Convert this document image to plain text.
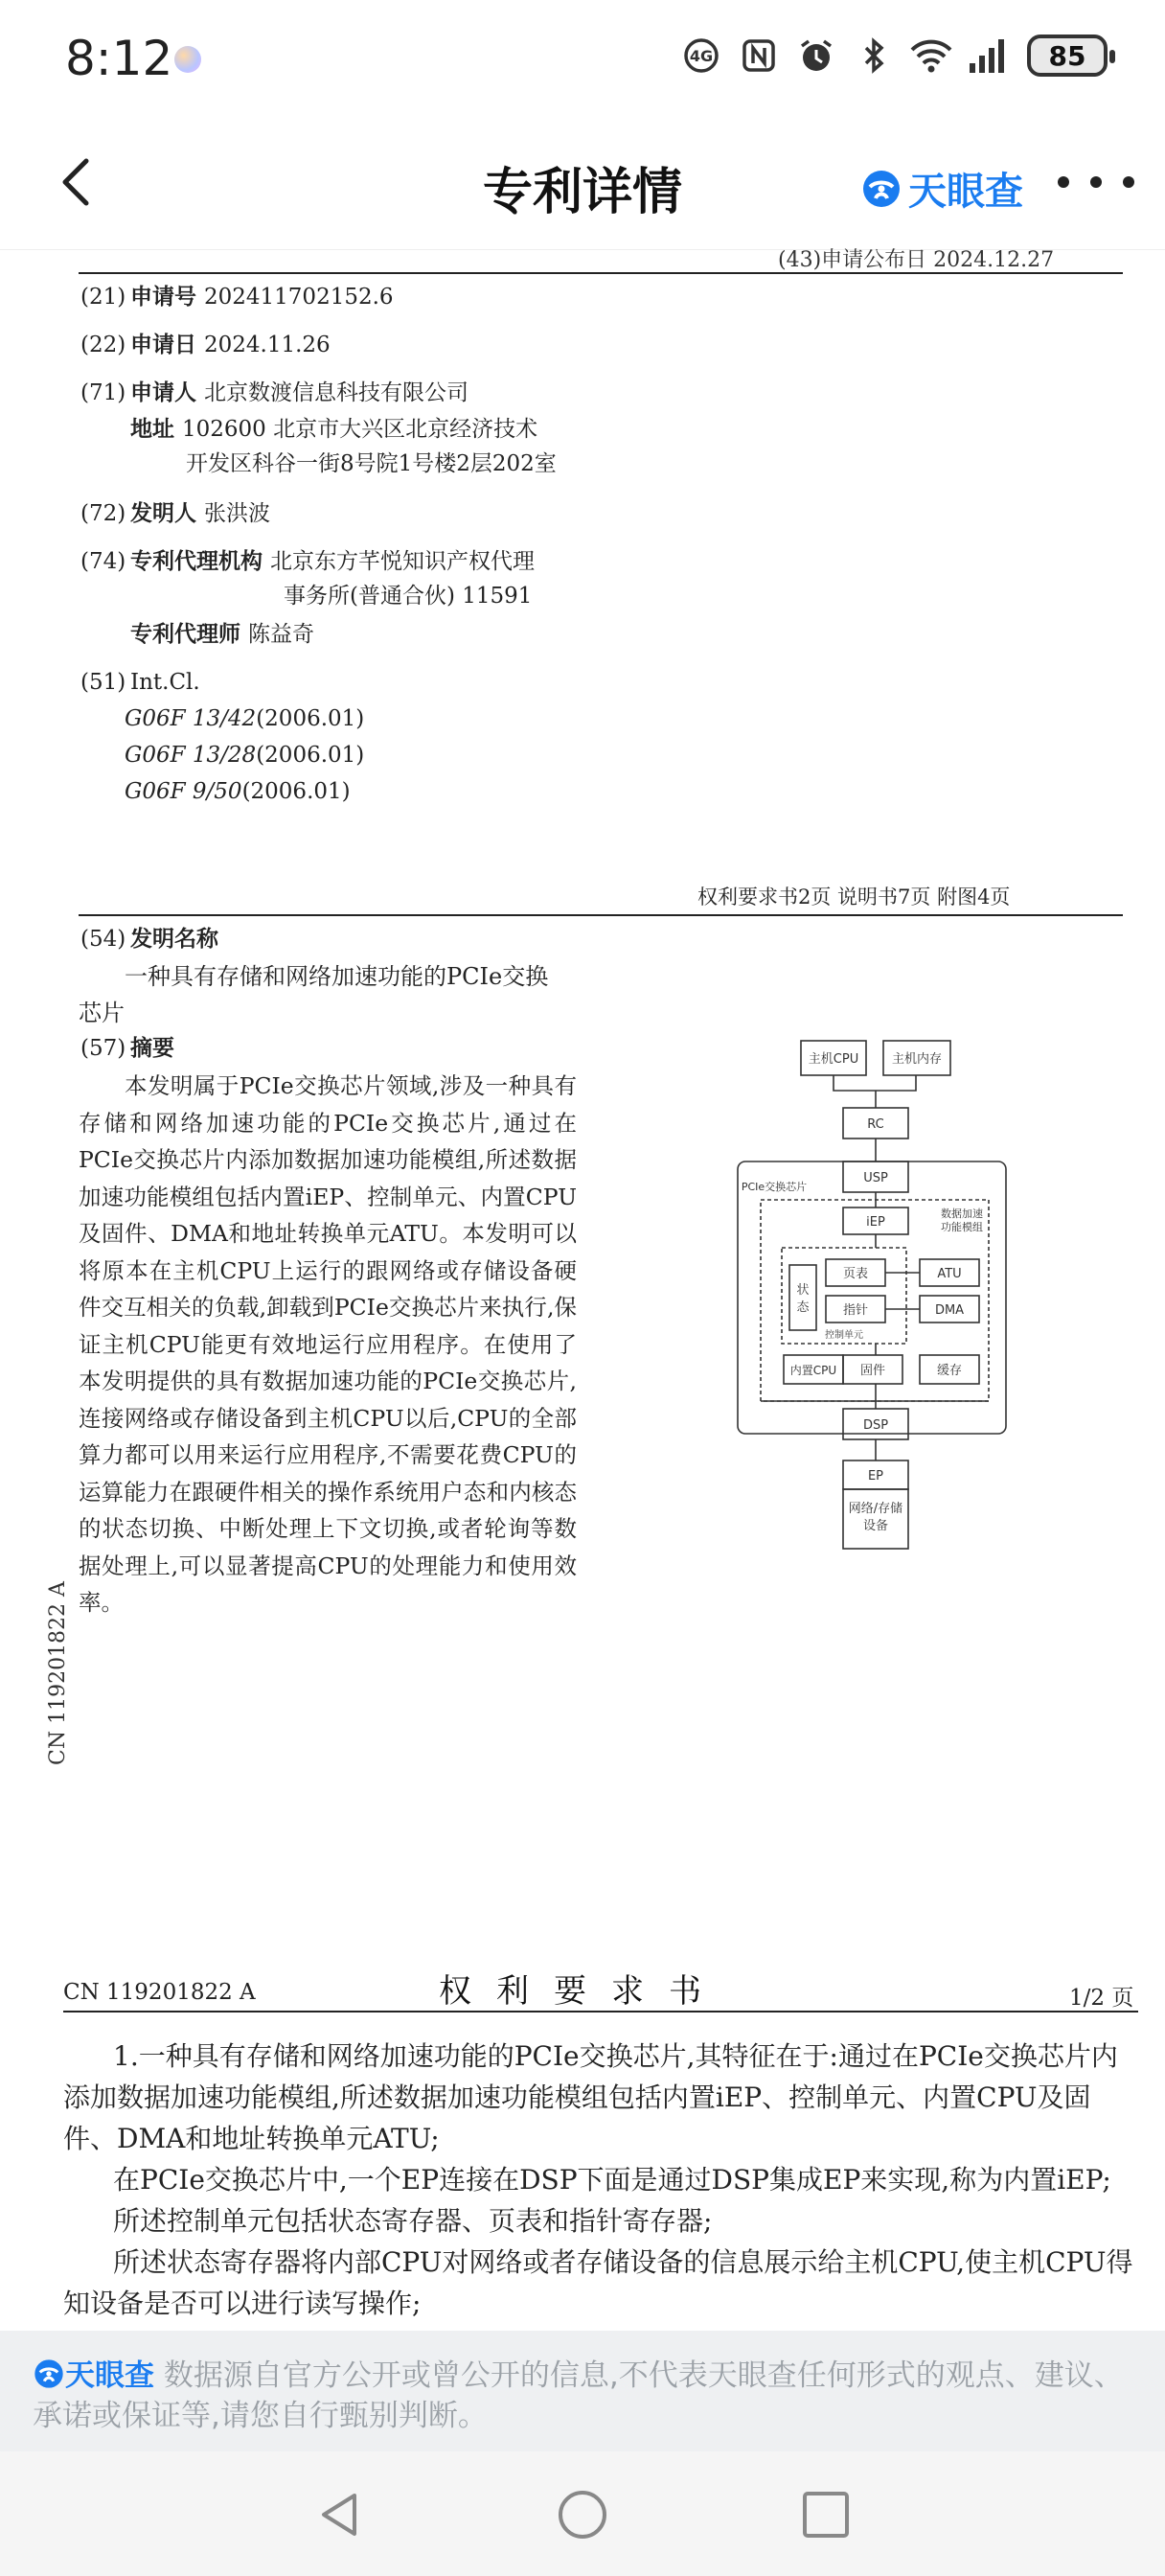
8:12	4G	85
专利详情	天眼查
(43)申请公布日 2024.12.27
(21) 申请号 202411702152.6
(22) 申请日 2024.11.26
(71) 申请人 北京数渡信息科技有限公司
地址 102600 北京市大兴区北京经济技术
开发区科谷一街8号院1号楼2层202室
(72) 发明人 张洪波
(74) 专利代理机构 北京东方芊悦知识产权代理
事务所(普通合伙) 11591
专利代理师 陈益奇
(51) Int.Cl.
G06F 13/42(2006.01)
G06F 13/28(2006.01)
G06F 9/50(2006.01)
权利要求书2页 说明书7页 附图4页
(54) 发明名称
一种具有存储和网络加速功能的PCIe交换
芯片
(57) 摘要
本发明属于PCIe交换芯片领域,涉及一种具有存储和网络加速功能的PCIe交换芯片,通过在PCIe交换芯片内添加数据加速功能模组,所述数据加速功能模组包括内置iEP、控制单元、内置CPU及固件、DMA和地址转换单元ATU。本发明可以将原本在主机CPU上运行的跟网络或存储设备硬件交互相关的负载,卸载到PCIe交换芯片来执行,保证主机CPU能更有效地运行应用程序。在使用了本发明提供的具有数据加速功能的PCIe交换芯片,连接网络或存储设备到主机CPU以后,CPU的全部算力都可以用来运行应用程序,不需要花费CPU的运算能力在跟硬件相关的操作系统用户态和内核态的状态切换、中断处理上下文切换,或者轮询等数据处理上,可以显著提高CPU的处理能力和使用效率。
CN 119201822 A
主机CPU	主机内存
RC
USP
PCIe交换芯片
数据加速
功能模组
iEP
状
态
页表
指针
控制单元
ATU
DMA
内置CPU 固件	缓存
DSP
EP
网络/存储
设备
CN 119201822 A	权利要求书	1/2 页

1.一种具有存储和网络加速功能的PCIe交换芯片,其特征在于:通过在PCIe交换芯片内添加数据加速功能模组,所述数据加速功能模组包括内置iEP、控制单元、内置CPU及固件、DMA和地址转换单元ATU;

在PCIe交换芯片中,一个EP连接在DSP下面是通过DSP集成EP来实现,称为内置iEP;

所述控制单元包括状态寄存器、页表和指针寄存器;

所述状态寄存器将内部CPU对网络或者存储设备的信息展示给主机CPU,使主机CPU得知设备是否可以进行读写操作;

天眼查 数据源自官方公开或曾公开的信息,不代表天眼查任何形式的观点、建议、承诺或保证等,请您自行甄别判断。
